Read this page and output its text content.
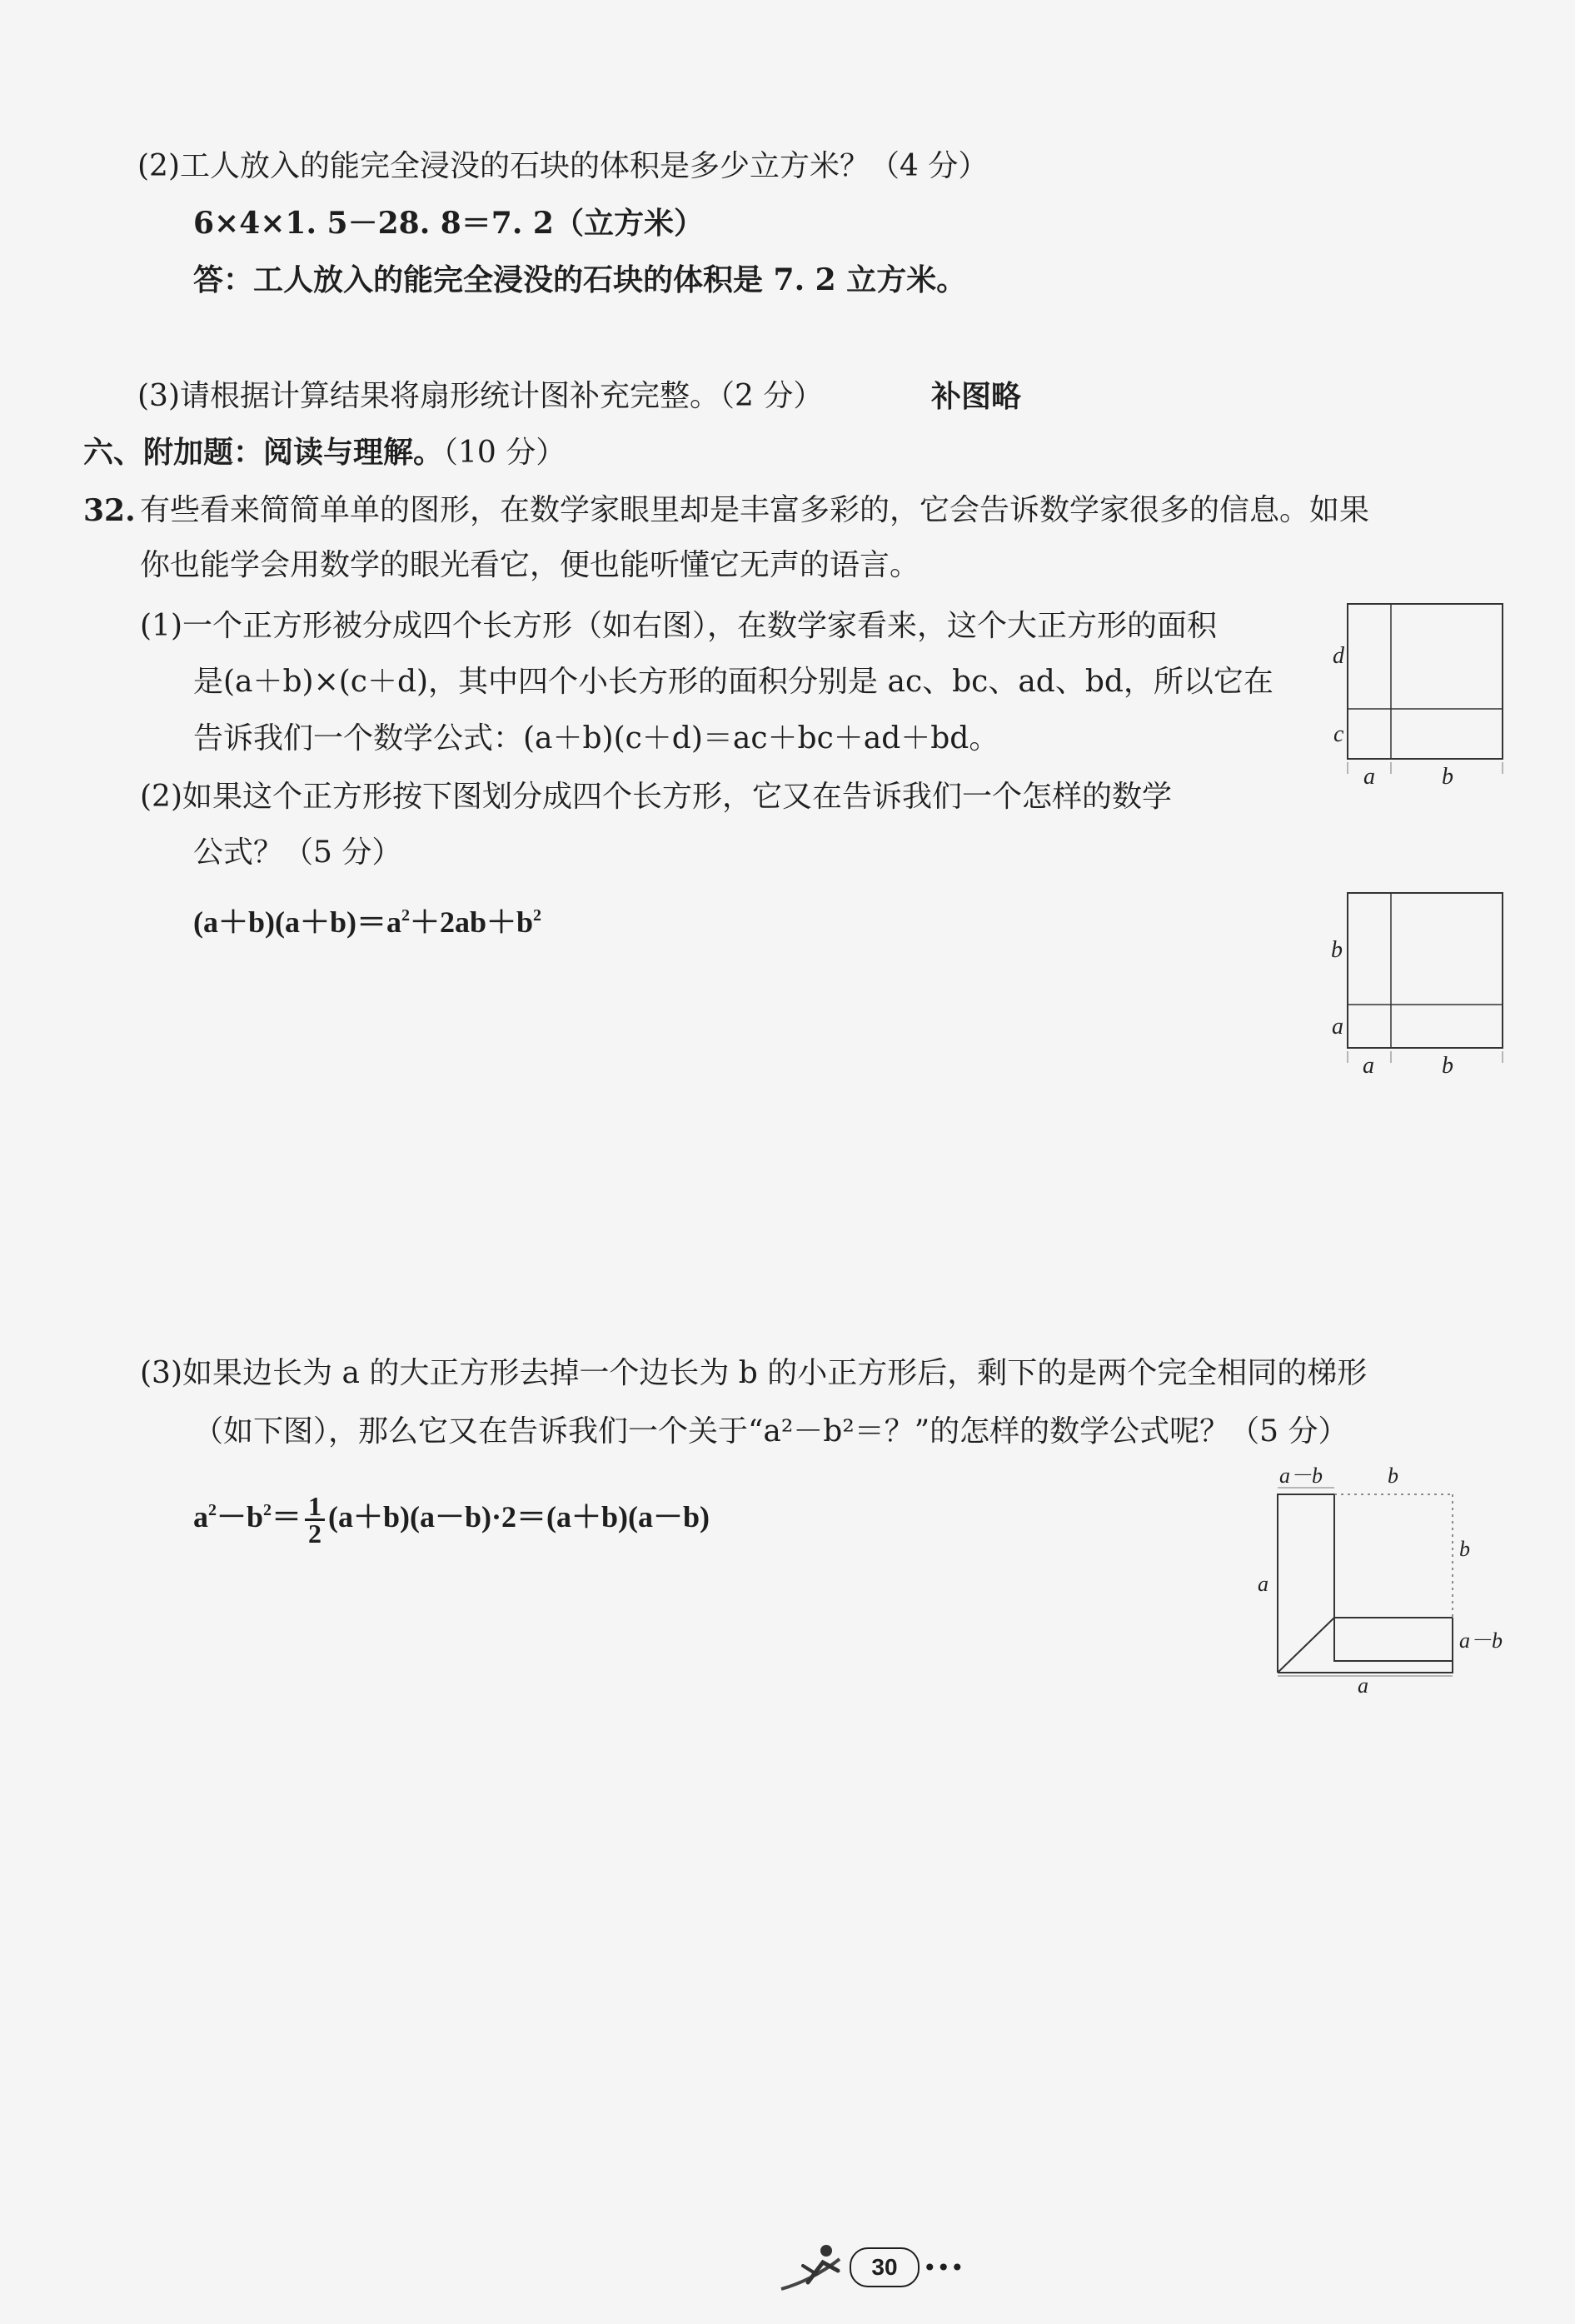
(2)工人放入的能完全浸没的石块的体积是多少立方米？（4 分）
6×4×1. 5－28. 8＝7. 2（立方米）
答：工人放入的能完全浸没的石块的体积是 7. 2 立方米。
(3)请根据计算结果将扇形统计图补充完整。（2 分）	补图略
六、附加题：阅读与理解。（10 分）
32. 有些看来简简单单的图形，在数学家眼里却是丰富多彩的，它会告诉数学家很多的信息。如果
你也能学会用数学的眼光看它，便也能听懂它无声的语言。
(1)一个正方形被分成四个长方形（如右图），在数学家看来，这个大正方形的面积
是(a＋b)×(c＋d)，其中四个小长方形的面积分别是 ac、bc、ad、bd，所以它在
告诉我们一个数学公式：(a＋b)(c＋d)＝ac＋bc＋ad＋bd。
(2)如果这个正方形按下图划分成四个长方形，它又在告诉我们一个怎样的数学
公式？（5 分）
$(a+b)(a+b)=a^2+2ab+b^2$
(3)如果边长为 a 的大正方形去掉一个边长为 b 的小正方形后，剩下的是两个完全相同的梯形
（如下图），那么它又在告诉我们一个关于“a²－b²＝？”的怎样的数学公式呢？（5 分）
$a^2-b^2= \frac{1}{2} (a+b)(a-b)\cdot 2=(a+b)(a-b)$
d
c
a	b
b
a
a	b
a－b	b
b
a
a－b
a
30	•••
